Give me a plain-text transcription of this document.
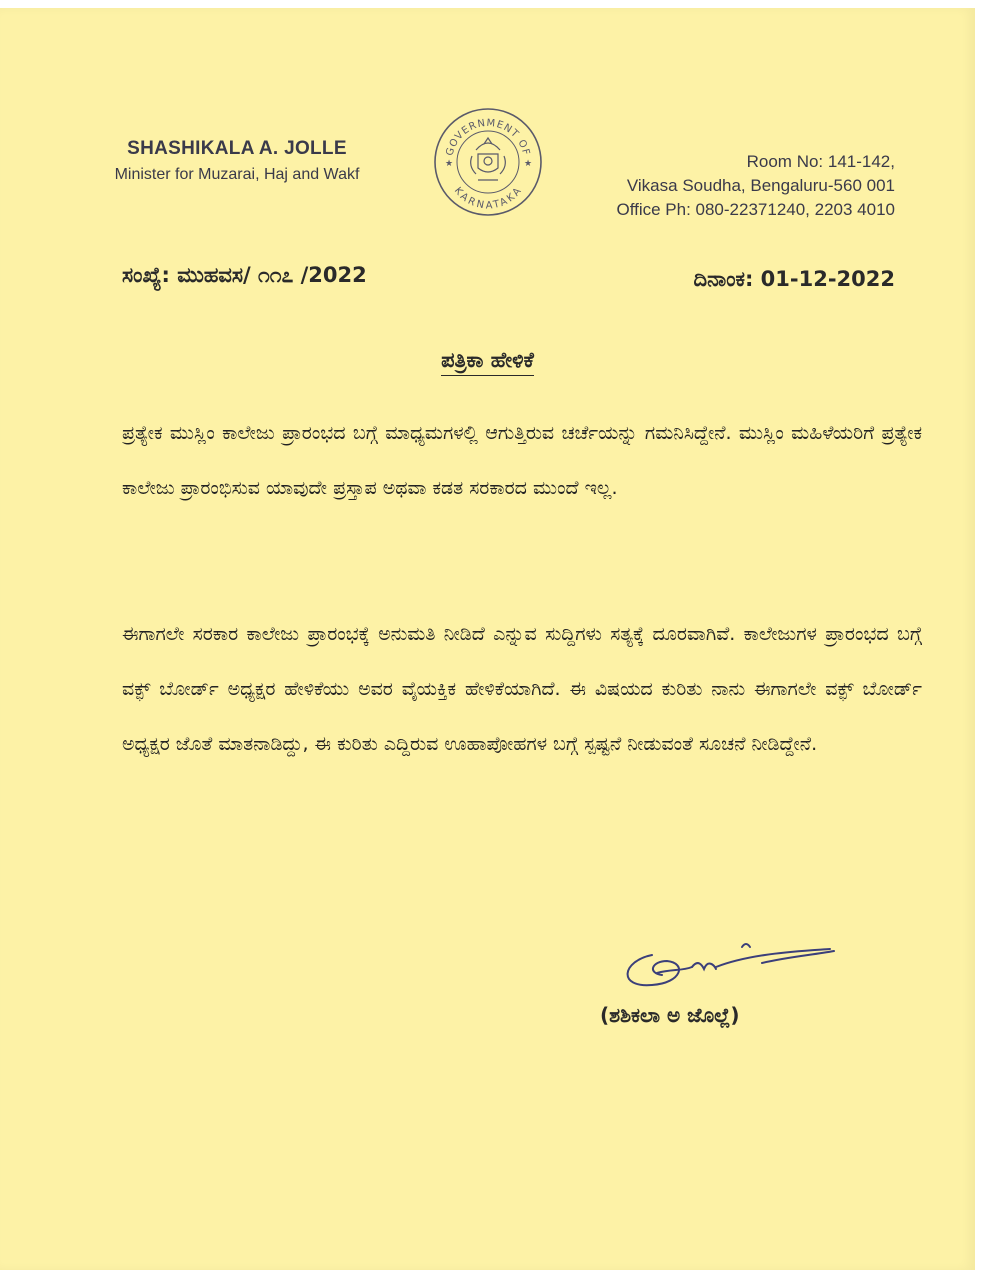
SHASHIKALA A. JOLLE
Minister for Muzarai, Haj and Wakf
GOVERNMENT OF
KARNATAKA
★	★	Room No: 141-142,
Vikasa Soudha, Bengaluru-560 001
Office Ph: 080-22371240, 2203 4010
ಸಂಖ್ಯೆ: ಮುಹವಸ/ ೧೧೭ /2022	ದಿನಾಂಕ: 01-12-2022
ಪತ್ರಿಕಾ ಹೇಳಿಕೆ
ಪ್ರತ್ಯೇಕ ಮುಸ್ಲಿಂ ಕಾಲೇಜು ಪ್ರಾರಂಭದ ಬಗ್ಗೆ ಮಾಧ್ಯಮಗಳಲ್ಲಿ ಆಗುತ್ತಿರುವ ಚರ್ಚೆಯನ್ನು ಗಮನಿಸಿದ್ದೇನೆ. ಮುಸ್ಲಿಂ ಮಹಿಳೆಯರಿಗೆ ಪ್ರತ್ಯೇಕ ಕಾಲೇಜು ಪ್ರಾರಂಭಿಸುವ ಯಾವುದೇ ಪ್ರಸ್ತಾಪ ಅಥವಾ ಕಡತ ಸರಕಾರದ ಮುಂದೆ ಇಲ್ಲ.
ಈಗಾಗಲೇ ಸರಕಾರ ಕಾಲೇಜು ಪ್ರಾರಂಭಕ್ಕೆ ಅನುಮತಿ ನೀಡಿದೆ ಎನ್ನುವ ಸುದ್ದಿಗಳು ಸತ್ಯಕ್ಕೆ ದೂರವಾಗಿವೆ. ಕಾಲೇಜುಗಳ ಪ್ರಾರಂಭದ ಬಗ್ಗೆ ವಕ್ಫ್ ಬೋರ್ಡ್ ಅಧ್ಯಕ್ಷರ ಹೇಳಿಕೆಯು ಅವರ ವೈಯಕ್ತಿಕ ಹೇಳಿಕೆಯಾಗಿದೆ. ಈ ವಿಷಯದ ಕುರಿತು ನಾನು ಈಗಾಗಲೇ ವಕ್ಫ್ ಬೋರ್ಡ್ ಅಧ್ಯಕ್ಷರ ಜೊತೆ ಮಾತನಾಡಿದ್ದು, ಈ ಕುರಿತು ಎದ್ದಿರುವ ಊಹಾಪೋಹಗಳ ಬಗ್ಗೆ ಸ್ಪಷ್ಟನೆ ನೀಡುವಂತೆ ಸೂಚನೆ ನೀಡಿದ್ದೇನೆ.
(ಶಶಿಕಲಾ ಅ ಜೊಲ್ಲೆ)
